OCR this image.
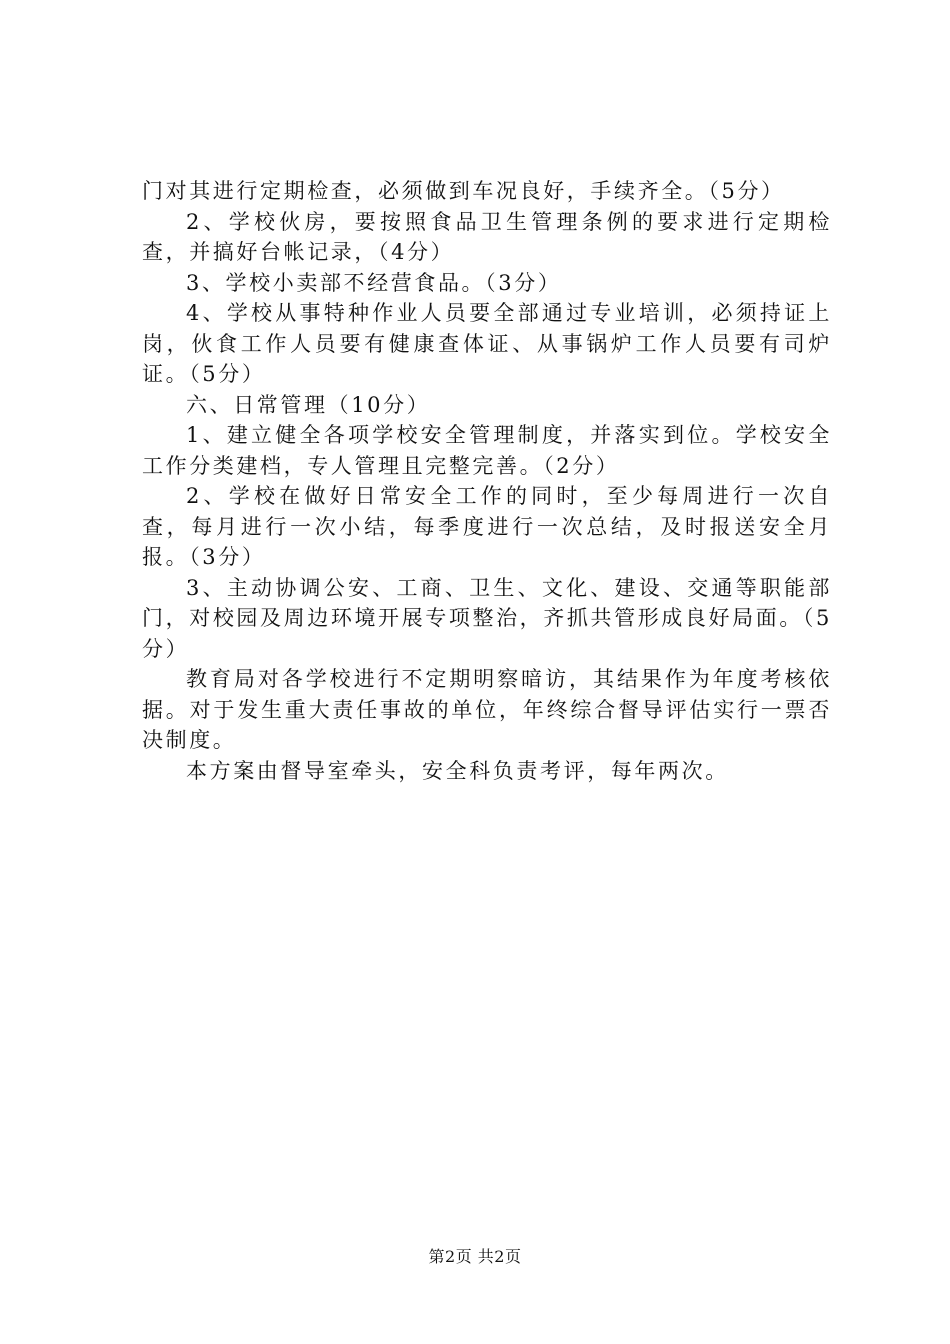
门对其进行定期检查，必须做到车况良好，手续齐全。（5分）

2、学校伙房，要按照食品卫生管理条例的要求进行定期检查，并搞好台帐记录，（4分）

3、学校小卖部不经营食品。（3分）

4、学校从事特种作业人员要全部通过专业培训，必须持证上岗，伙食工作人员要有健康查体证、从事锅炉工作人员要有司炉证。（5分）

六、日常管理（10分）

1、建立健全各项学校安全管理制度，并落实到位。学校安全工作分类建档，专人管理且完整完善。（2分）

2、学校在做好日常安全工作的同时，至少每周进行一次自查，每月进行一次小结，每季度进行一次总结，及时报送安全月报。（3分）

3、主动协调公安、工商、卫生、文化、建设、交通等职能部门，对校园及周边环境开展专项整治，齐抓共管形成良好局面。（5分）

教育局对各学校进行不定期明察暗访，其结果作为年度考核依据。对于发生重大责任事故的单位，年终综合督导评估实行一票否决制度。

本方案由督导室牵头，安全科负责考评，每年两次。

第2页 共2页
